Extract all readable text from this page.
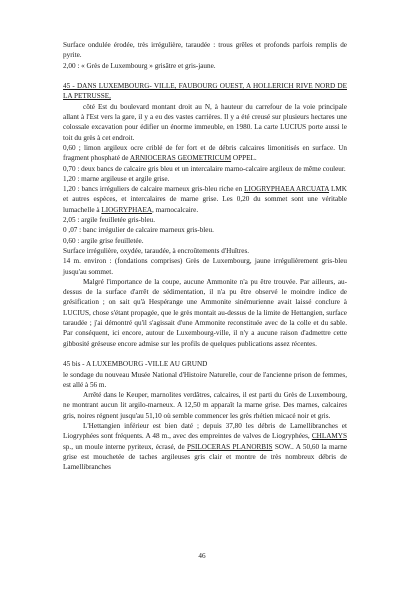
Surface ondulée érodée, très irrégulière, taraudée : trous grêles et profonds parfois remplis de pyrite.

2,00 : « Grès de Luxembourg » grisâtre et gris-jaune.

45 - DANS LUXEMBOURG- VILLE, FAUBOURG OUEST, A HOLLERICH RIVE NORD DE LA PETRUSSE,

côté Est du boulevard montant droit au N, à hauteur du carrefour de la voie principale allant à l'Est vers la gare, il y a eu des vastes carrières. Il y a été creusé sur plusieurs hectares une colossale excavation pour édifier un énorme immeuble, en 1980. La carte LUCIUS porte aussi le toit du grès à cet endroit.

0,60 ; limon argileux ocre criblé de fer fort et de débris calcaires limonitisés en surface. Un fragment phosphaté de ARNIOCERAS GEOMETRICUM OPPEL.

0,70 : deux bancs de calcaire gris bleu et un intercalaire marno-calcaire argileux de même couleur.

1,20 : marne argileuse et argile grise.

1,20 : bancs irréguliers de calcaire marneux gris-bleu riche en LIOGRYPHAEA ARCUATA LMK et autres espèces, et intercalaires de marne grise. Les 0,20 du sommet sont une véritable lumachelle à LIOGRYPHAEA, marnocalcaire.

2,05 : argile feuilletée gris-bleu.

0 ,07 : banc irrégulier de calcaire marneux gris-bleu.

0,60 : argile grise feuilletée.

Surface irrégulière, oxydée, taraudée, à encroûtements d'Huîtres.

14 m. environ : (fondations comprises) Grès de Luxembourg, jaune irrégulièrement gris-bleu jusqu'au sommet.

Malgré l'importance de la coupe, aucune Ammonite n'a pu être trouvée. Par ailleurs, au-dessus de la surface d'arrêt de sédimentation, il n'a pu être observé le moindre indice de grésification ; on sait qu'à Hespérange une Ammonite sinémurienne avait laissé conclure à LUCIUS, chose s'étant propagée, que le grès montait au-dessus de la limite de Hettangien, surface taraudée ; j'ai démontré qu'il s'agissait d'une Ammonite reconstituée avec de la colle et du sable. Par conséquent, ici encore, autour de Luxembourg-ville, il n'y a aucune raison d'admettre cette gibbosité gréseuse encore admise sur les profils de quelques publications assez récentes.

45 bis - A LUXEMBOURG -VILLE AU GRUND

le sondage du nouveau Musée National d'Histoire Naturelle, cour de l'ancienne prison de femmes, est allé à 56 m.

Arrêté dans le Keuper, marnolites verdâtres, calcaires, il est parti du Grès de Luxembourg, ne montrant aucun lit argilo-marneux. A 12,50 m apparaît la marne grise. Des marnes, calcaires gris, noires régnent jusqu'au 51,10 où semble commencer les grès rhétien micacé noir et gris.

L'Hettangien inférieur est bien daté ; depuis 37,80 les débris de Lamellibranches et Liogryphées sont fréquents. A 48 m., avec des empreintes de valves de Liogryphées, CHLAMYS sp., un moule interne pyriteux, écrasé, de PSILOCERAS PLANORBIS SOW.. A 50,60 la marne grise est mouchetée de taches argileuses gris clair et montre de très nombreux débris de Lamellibranches

46
